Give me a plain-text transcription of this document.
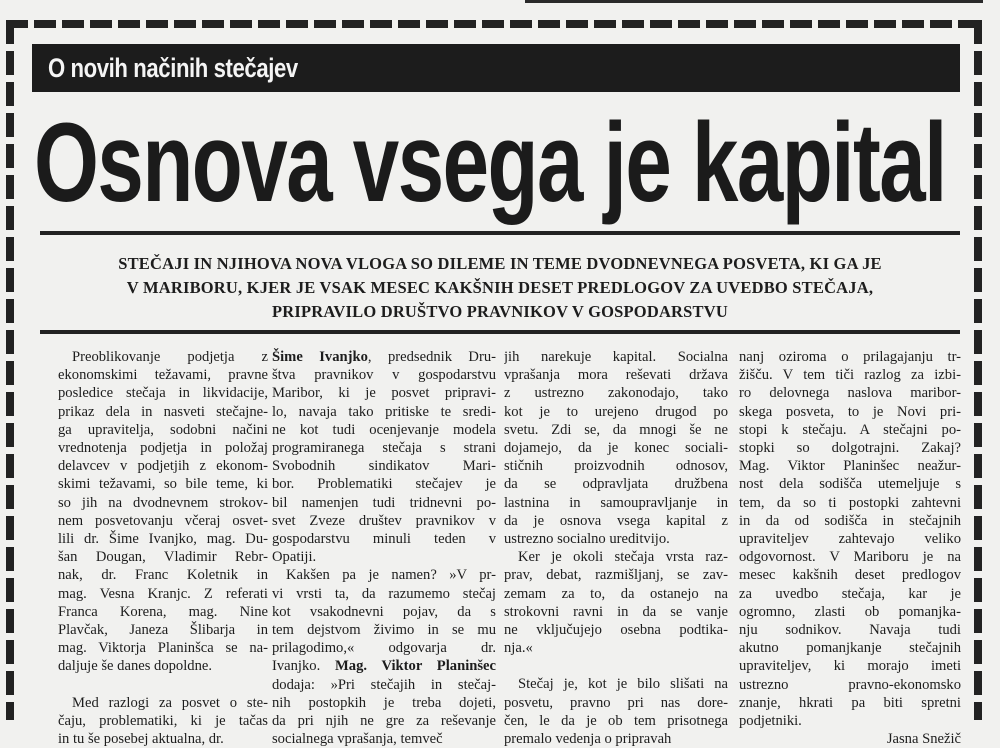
O novih načinih stečajev
Osnova vsega je kapital
STEČAJI IN NJIHOVA NOVA VLOGA SO DILEME IN TEME DVODNEVNEGA POSVETA, KI GA JE
V MARIBORU, KJER JE VSAK MESEC KAKŠNIH DESET PREDLOGOV ZA UVEDBO STEČAJA,
PRIPRAVILO DRUŠTVO PRAVNIKOV V GOSPODARSTVU
Preoblikovanje podjetja z
ekonomskimi težavami, pravne
posledice stečaja in likvidacije,
prikaz dela in nasveti stečajne-
ga upravitelja, sodobni načini
vrednotenja podjetja in položaj
delavcev v podjetjih z ekonom-
skimi težavami, so bile teme, ki
so jih na dvodnevnem strokov-
nem posvetovanju včeraj osvet-
lili dr. Šime Ivanjko, mag. Du-
šan Dougan, Vladimir Rebr-
nak, dr. Franc Koletnik in
mag. Vesna Kranjc. Z referati
Franca Korena, mag. Nine
Plavčak, Janeza Šlibarja in
mag. Viktorja Planinšca se na-
daljuje še danes dopoldne.
Med razlogi za posvet o ste-
čaju, problematiki, ki je tačas
in tu še posebej aktualna, dr.
Šime Ivanjko, predsednik Dru-
štva pravnikov v gospodarstvu
Maribor, ki je posvet pripravi-
lo, navaja tako pritiske te sredi-
ne kot tudi ocenjevanje modela
programiranega stečaja s strani
Svobodnih sindikatov Mari-
bor. Problematiki stečajev je
bil namenjen tudi tridnevni po-
svet Zveze društev pravnikov v
gospodarstvu minuli teden v
Opatiji.
Kakšen pa je namen? »V pr-
vi vrsti ta, da razumemo stečaj
kot vsakodnevni pojav, da s
tem dejstvom živimo in se mu
prilagodimo,« odgovarja dr.
Ivanjko. Mag. Viktor Planinšec
dodaja: »Pri stečajih in stečaj-
nih postopkih je treba dojeti,
da pri njih ne gre za reševanje
socialnega vprašanja, temveč
jih narekuje kapital. Socialna
vprašanja mora reševati država
z ustrezno zakonodajo, tako
kot je to urejeno drugod po
svetu. Zdi se, da mnogi še ne
dojamejo, da je konec sociali-
stičnih proizvodnih odnosov,
da se odpravljata družbena
lastnina in samoupravljanje in
da je osnova vsega kapital z
ustrezno socialno ureditvijo.
Ker je okoli stečaja vrsta raz-
prav, debat, razmišljanj, se zav-
zemam za to, da ostanejo na
strokovni ravni in da se vanje
ne vključujejo osebna podtika-
nja.«
Stečaj je, kot je bilo slišati na
posvetu, pravno pri nas dore-
čen, le da je ob tem prisotnega
premalo vedenja o pripravah
nanj oziroma o prilagajanju tr-
žišču. V tem tiči razlog za izbi-
ro delovnega naslova maribor-
skega posveta, to je Novi pri-
stopi k stečaju. A stečajni po-
stopki so dolgotrajni. Zakaj?
Mag. Viktor Planinšec neažur-
nost dela sodišča utemeljuje s
tem, da so ti postopki zahtevni
in da od sodišča in stečajnih
upraviteljev zahtevajo veliko
odgovornost. V Mariboru je na
mesec kakšnih deset predlogov
za uvedbo stečaja, kar je
ogromno, zlasti ob pomanjka-
nju sodnikov. Navaja tudi
akutno pomanjkanje stečajnih
upraviteljev, ki morajo imeti
ustrezno pravno-ekonomsko
znanje, hkrati pa biti spretni
podjetniki.
Jasna Snežič
